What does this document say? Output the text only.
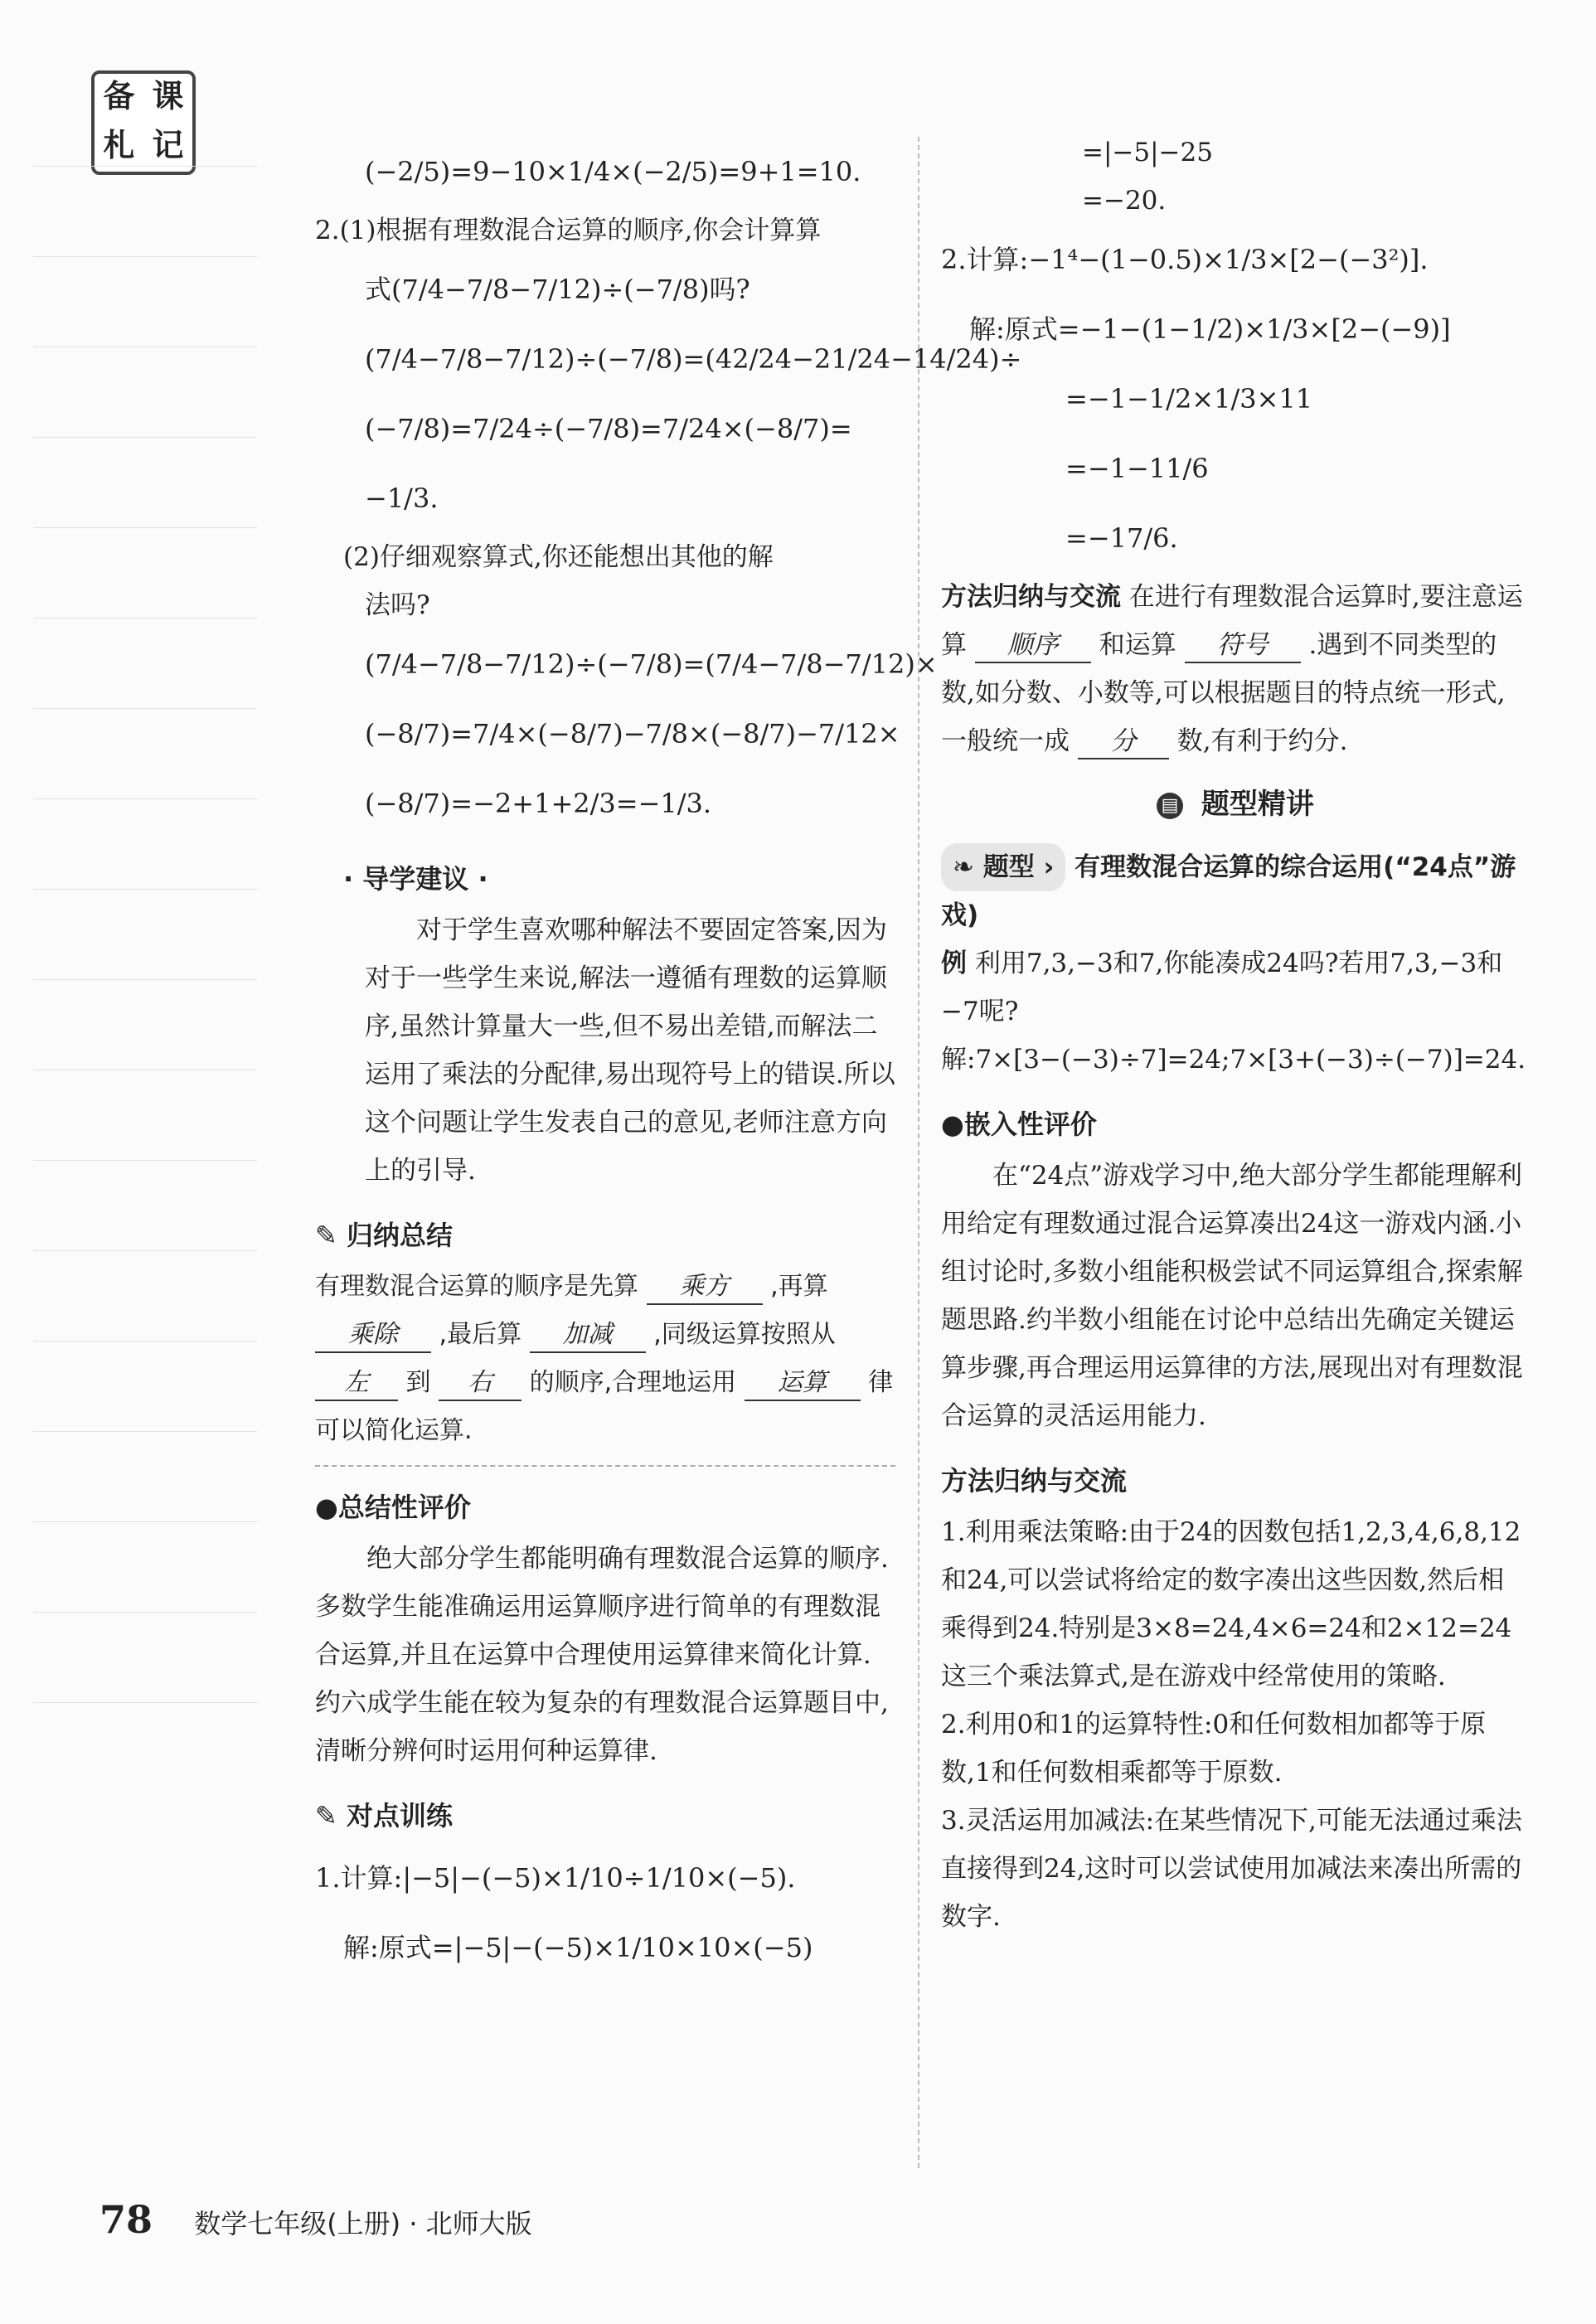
备 课
札 记

(−2/5)=9−10×1/4×(−2/5)=9+1=10.

2.(1)根据有理数混合运算的顺序,你会计算算

式(7/4−7/8−7/12)÷(−7/8)吗?

(7/4−7/8−7/12)÷(−7/8)=(42/24−21/24−14/24)÷

(−7/8)=7/24÷(−7/8)=7/24×(−8/7)=

−1/3.

(2)仔细观察算式,你还能想出其他的解

法吗?

(7/4−7/8−7/12)÷(−7/8)=(7/4−7/8−7/12)×

(−8/7)=7/4×(−8/7)−7/8×(−8/7)−7/12×

(−8/7)=−2+1+2/3=−1/3.

· 导学建议 ·

对于学生喜欢哪种解法不要固定答案,因为对于一些学生来说,解法一遵循有理数的运算顺序,虽然计算量大一些,但不易出差错,而解法二运用了乘法的分配律,易出现符号上的错误.所以这个问题让学生发表自己的意见,老师注意方向上的引导.

✎ 归纳总结

有理数混合运算的顺序是先算 乘方 ,再算 乘除 ,最后算 加减 ,同级运算按照从 左 到 右 的顺序,合理地运用 运算 律可以简化运算.

●总结性评价

绝大部分学生都能明确有理数混合运算的顺序.多数学生能准确运用运算顺序进行简单的有理数混合运算,并且在运算中合理使用运算律来简化计算.约六成学生能在较为复杂的有理数混合运算题目中,清晰分辨何时运用何种运算律.

✎ 对点训练

1.计算:|−5|−(−5)×1/10÷1/10×(−5).

解:原式=|−5|−(−5)×1/10×10×(−5)

=|−5|−25

=−20.

2.计算:−1⁴−(1−0.5)×1/3×[2−(−3²)].

解:原式=−1−(1−1/2)×1/3×[2−(−9)]

=−1−1/2×1/3×11

=−1−11/6

=−17/6.

方法归纳与交流 在进行有理数混合运算时,要注意运算 顺序 和运算 符号 .遇到不同类型的数,如分数、小数等,可以根据题目的特点统一形式,一般统一成 分 数,有利于约分.

▤ 题型精讲

❧ 题型 › 有理数混合运算的综合运用(“24点”游戏)

例 利用7,3,−3和7,你能凑成24吗?若用7,3,−3和−7呢?

解:7×[3−(−3)÷7]=24;7×[3+(−3)÷(−7)]=24.

●嵌入性评价

在“24点”游戏学习中,绝大部分学生都能理解利用给定有理数通过混合运算凑出24这一游戏内涵.小组讨论时,多数小组能积极尝试不同运算组合,探索解题思路.约半数小组能在讨论中总结出先确定关键运算步骤,再合理运用运算律的方法,展现出对有理数混合运算的灵活运用能力.

方法归纳与交流

1.利用乘法策略:由于24的因数包括1,2,3,4,6,8,12和24,可以尝试将给定的数字凑出这些因数,然后相乘得到24.特别是3×8=24,4×6=24和2×12=24这三个乘法算式,是在游戏中经常使用的策略.

2.利用0和1的运算特性:0和任何数相加都等于原数,1和任何数相乘都等于原数.

3.灵活运用加减法:在某些情况下,可能无法通过乘法直接得到24,这时可以尝试使用加减法来凑出所需的数字.

78 数学七年级(上册) · 北师大版
